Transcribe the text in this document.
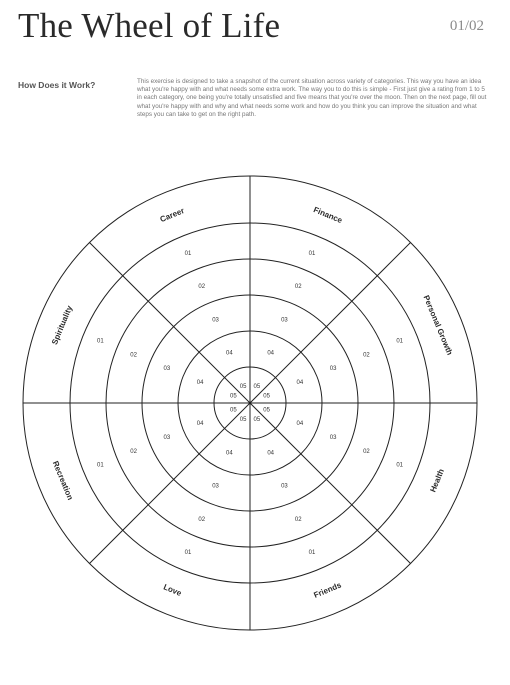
The Wheel of Life	01/02
How Does it Work?	This exercise is designed to take a snapshot of the current situation across variety of categories. This way you have an idea what you're happy with and what needs some extra work. The way you to do this is simple - First just give a rating from 1 to 5 in each category, one being you're totally unsatisfied and five means that you're over the moon. Then on the next page, fill out what you're happy with and why and what needs some work and how do you think you can improve the situation and what steps you can take to get on the right path.
Finance
01
02
03
04
05
Personal Growth
01
02
03
04
05
Health
01
02
03
04
05
Friends
01
02
03
04
05
Love
01
02
03
04
05
Recreation	01
02
03
04
05
Spirituality	01
02
03
04
05
Career
01
02
03
04
05
